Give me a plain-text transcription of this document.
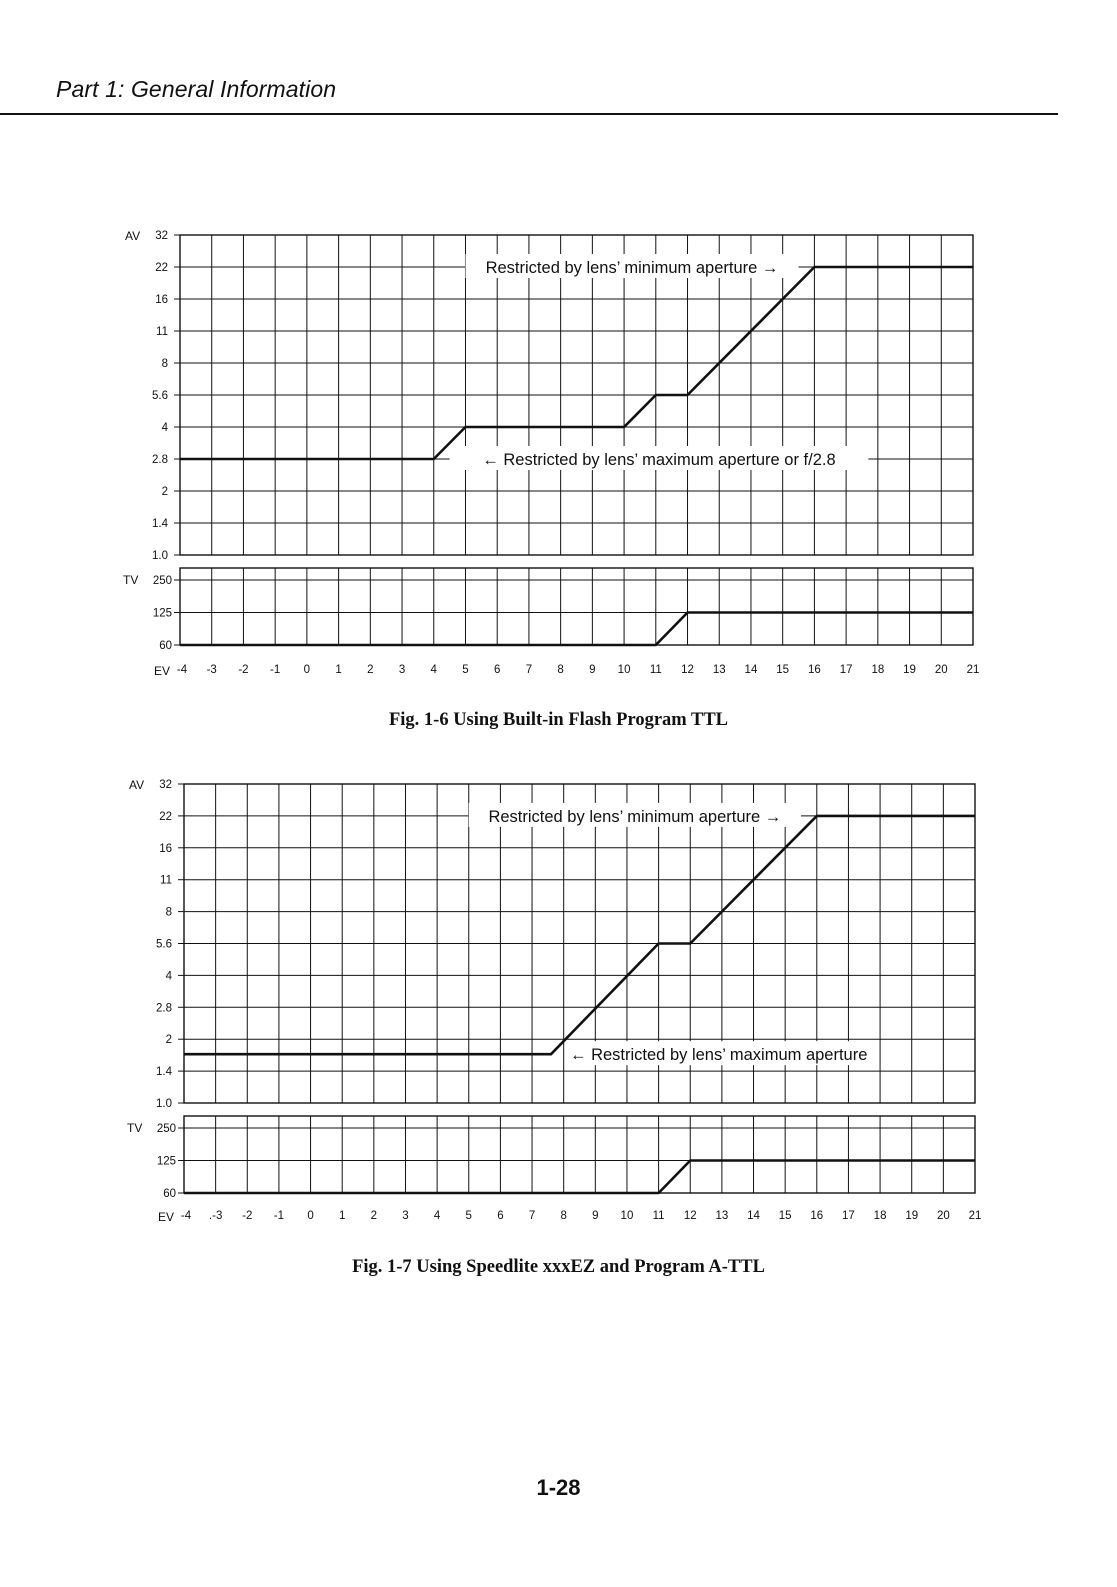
Part 1: General Information
32
22
16
11
8
5.6
4
2.8
2
1.4
1.0
AV
250
125
60
TV
-4 -3 -2 -1 0 1 2 3 4 5 6 7 8 9 10 11 12 13 14 15 16 17 18 19 20 21
EV
Restricted by lens’ minimum aperture →
← Restricted by lens’ maximum aperture or f/2.8
Fig. 1-6 Using Built-in Flash Program TTL
32
22
16
11
8
5.6
4
2.8
2
1.4
1.0
AV
250
125
60
TV
-4 .-3 -2 -1 0 1 2 3 4 5 6 7 8 9 10 11 12 13 14 15 16 17 18 19 20 21
EV
Restricted by lens’ minimum aperture →
← Restricted by lens’ maximum aperture
Fig. 1-7 Using Speedlite xxxEZ and Program A-TTL
1-28
